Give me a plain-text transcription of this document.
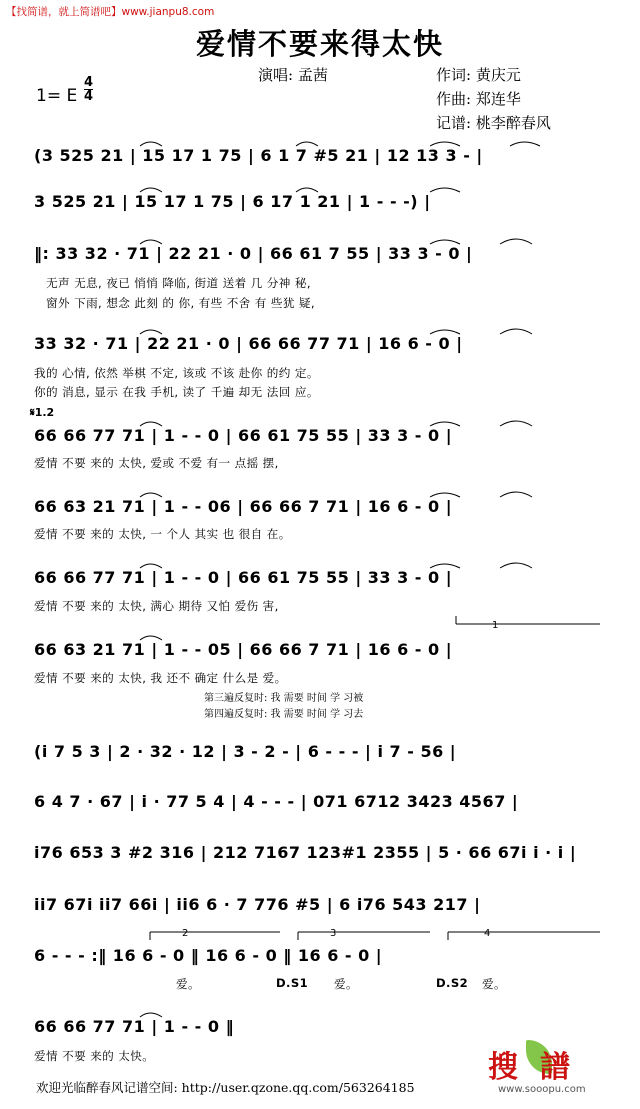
【找简谱，就上简谱吧】www.jianpu8.com
爱情不要来得太快
演唱: 孟茜	作词: 黄庆元
作曲: 郑连华
记谱: 桃李醉春风
1= E $\frac{4}{4}$
(3 525 21 | 15 17 1 75 | 6 1 7 #5 21 | 12 13 3 - |
3 525 21 | 15 17 1 75 | 6 17 1 21 | 1 - - -) |
‖: 33 32 · 71 | 22 21 · 0 | 66 61 7 55 | 33 3 - 0 |
无声 无息, 夜已 悄悄 降临, 街道 送着 几 分神 秘,
窗外 下雨, 想念 此刻 的 你, 有些 不舍 有 些犹 疑,
33 32 · 71 | 22 21 · 0 | 66 66 77 71 | 16 6 - 0 |
我的 心情, 依然 举棋 不定, 该或 不该 赴你 的约 定。
你的 消息, 显示 在我 手机, 读了 千遍 却无 法回 应。
𝄋1.2
66 66 77 71 | 1 - - 0 | 66 61 75 55 | 33 3 - 0 |
爱情 不要 来的 太快, 爱或 不爱 有一 点摇 摆,
66 63 21 71 | 1 - - 06 | 66 66 7 71 | 16 6 - 0 |
爱情 不要 来的 太快, 一 个人 其实 也 很自 在。
66 66 77 71 | 1 - - 0 | 66 61 75 55 | 33 3 - 0 |
爱情 不要 来的 太快, 满心 期待 又怕 爱伤 害,
1
66 63 21 71 | 1 - - 05 | 66 66 7 71 | 16 6 - 0 |
爱情 不要 来的 太快, 我 还不 确定 什么是 爱。
第三遍反复时: 我 需要 时间 学 习被
第四遍反复时: 我 需要 时间 学 习去
(i 7 5 3 | 2 · 32 · 12 | 3 - 2 - | 6 - - - | i 7 - 56 |
6 4 7 · 67 | i · 77 5 4 | 4 - - - | 071 6712 3423 4567 |
i76 653 3 #2 316 | 212 7167 123#1 2355 | 5 · 66 67i i · i |
ii7 67i ii7 66i | ii6 6 · 7 776 #5 | 6 i76 543 217 |
2	3	4
6 - - - :‖ 16 6 - 0 ‖ 16 6 - 0 ‖ 16 6 - 0 |
爱。	D.S1 爱。	D.S2 爱。
66 66 77 71 | 1 - - 0 ‖
爱情 不要 来的 太快。	搜譜
www.sooopu.com
欢迎光临醉春风记谱空间: http://user.qzone.qq.com/563264185
